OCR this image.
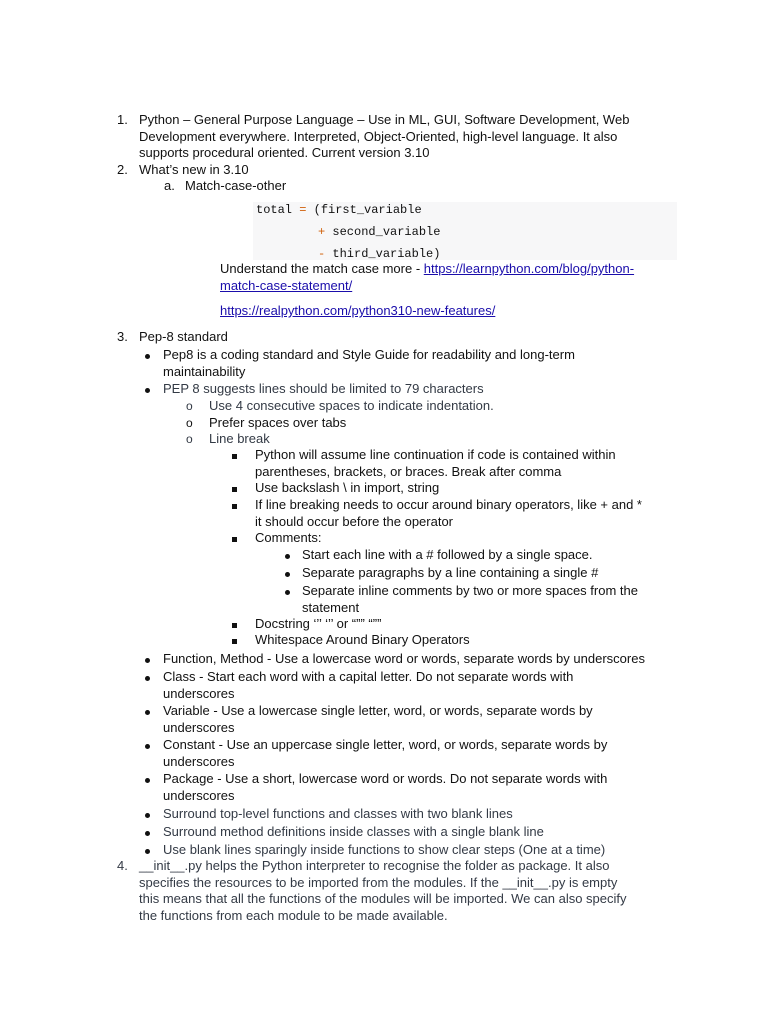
1. Python – General Purpose Language – Use in ML, GUI, Software Development, Web
Development everywhere. Interpreted, Object-Oriented, high-level language. It also
supports procedural oriented. Current version 3.10
2. What’s new in 3.10
a. Match-case-other
total = (first_variable
+ second_variable
- third_variable)
Understand the match case more - https://learnpython.com/blog/python-
match-case-statement/
https://realpython.com/python310-new-features/
3. Pep-8 standard
Pep8 is a coding standard and Style Guide for readability and long-term
maintainability
PEP 8 suggests lines should be limited to 79 characters
o	Use 4 consecutive spaces to indicate indentation.
o	Prefer spaces over tabs
o	Line break
Python will assume line continuation if code is contained within
parentheses, brackets, or braces. Break after comma
Use backslash \ in import, string
If line breaking needs to occur around binary operators, like + and *
it should occur before the operator
Comments:
Start each line with a # followed by a single space.
Separate paragraphs by a line containing a single #
Separate inline comments by two or more spaces from the
statement
Docstring ‘’’ ‘’’ or “”” “””
Whitespace Around Binary Operators
Function, Method - Use a lowercase word or words, separate words by underscores
Class - Start each word with a capital letter. Do not separate words with
underscores
Variable - Use a lowercase single letter, word, or words, separate words by
underscores
Constant - Use an uppercase single letter, word, or words, separate words by
underscores
Package - Use a short, lowercase word or words. Do not separate words with
underscores
Surround top-level functions and classes with two blank lines
Surround method definitions inside classes with a single blank line
Use blank lines sparingly inside functions to show clear steps (One at a time)
4. __init__.py helps the Python interpreter to recognise the folder as package. It also
specifies the resources to be imported from the modules. If the __init__.py is empty
this means that all the functions of the modules will be imported. We can also specify
the functions from each module to be made available.
